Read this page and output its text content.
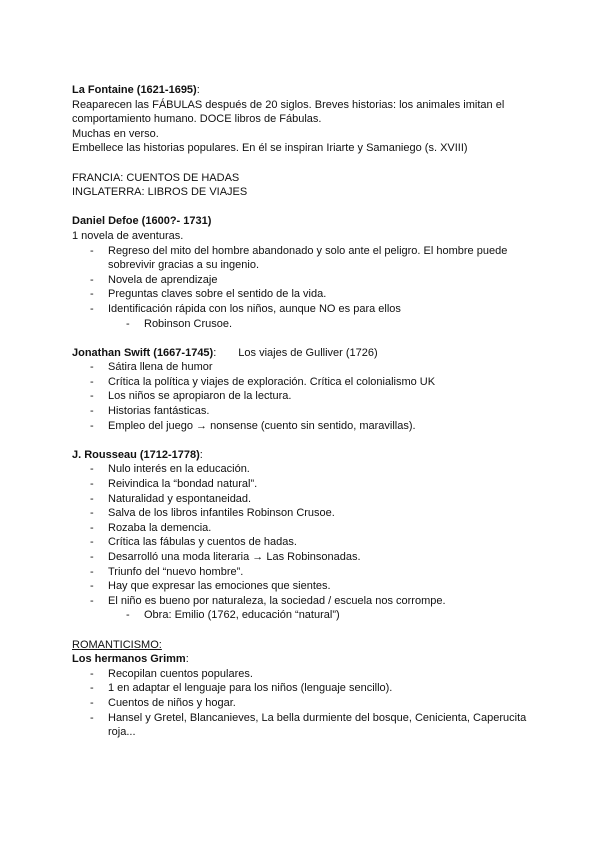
La Fontaine (1621-1695):

Reaparecen las FÁBULAS después de 20 siglos. Breves historias: los animales imitan el comportamiento humano. DOCE libros de Fábulas.

Muchas en verso.

Embellece las historias populares. En él se inspiran Iriarte y Samaniego (s. XVIII)

FRANCIA: CUENTOS DE HADAS

INGLATERRA: LIBROS DE VIAJES

Daniel Defoe (1600?- 1731)

1 novela de aventuras.

- Regreso del mito del hombre abandonado y solo ante el peligro. El hombre puede sobrevivir gracias a su ingenio.
- Novela de aprendizaje
- Preguntas claves sobre el sentido de la vida.
- Identificación rápida con los niños, aunque NO es para ellos
- Robinson Crusoe.

Jonathan Swift (1667-1745): Los viajes de Gulliver (1726)

- Sátira llena de humor
- Crítica la política y viajes de exploración. Crítica el colonialismo UK
- Los niños se apropiaron de la lectura.
- Historias fantásticas.
- Empleo del juego → nonsense (cuento sin sentido, maravillas).

J. Rousseau (1712-1778):

- Nulo interés en la educación.
- Reivindica la “bondad natural”.
- Naturalidad y espontaneidad.
- Salva de los libros infantiles Robinson Crusoe.
- Rozaba la demencia.
- Crítica las fábulas y cuentos de hadas.
- Desarrolló una moda literaria → Las Robinsonadas.
- Triunfo del “nuevo hombre”.
- Hay que expresar las emociones que sientes.
- El niño es bueno por naturaleza, la sociedad / escuela nos corrompe.
- Obra: Emilio (1762, educación “natural”)

ROMANTICISMO:

Los hermanos Grimm:

- Recopilan cuentos populares.
- 1 en adaptar el lenguaje para los niños (lenguaje sencillo).
- Cuentos de niños y hogar.
- Hansel y Gretel, Blancanieves, La bella durmiente del bosque, Cenicienta, Caperucita roja...
